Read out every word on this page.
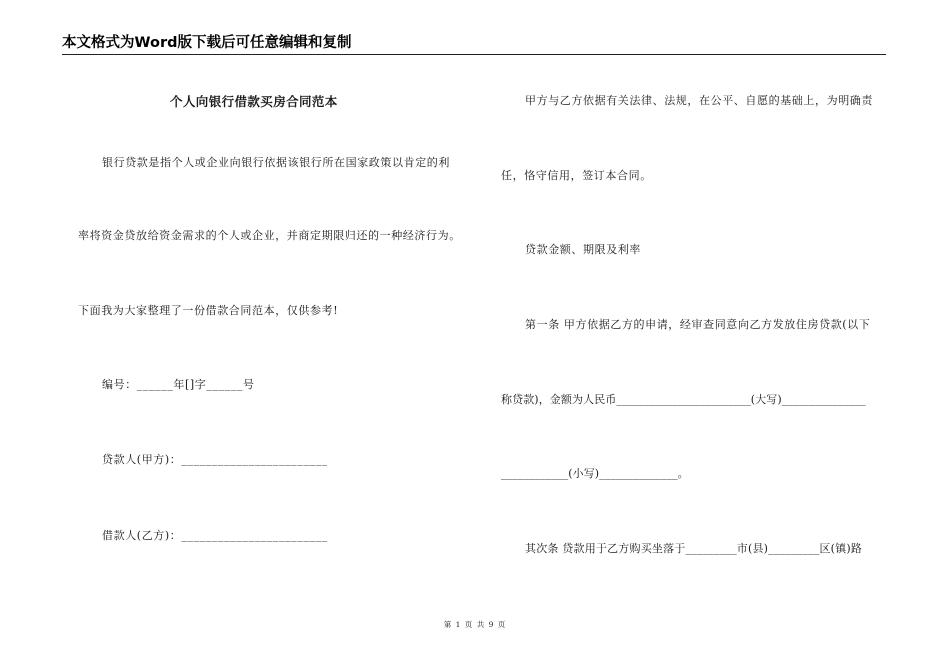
本文格式为Word版下载后可任意编辑和复制
个人向银行借款买房合同范本
银行贷款是指个人或企业向银行依据该银行所在国家政策以肯定的利
率将资金贷放给资金需求的个人或企业，并商定期限归还的一种经济行为。
下面我为大家整理了一份借款合同范本，仅供参考!
编号：______年[]字______号
贷款人(甲方)：________________________
借款人(乙方)：________________________
甲方与乙方依据有关法律、法规，在公平、自愿的基础上，为明确责
任，恪守信用，签订本合同。
贷款金额、期限及利率
第一条 甲方依据乙方的申请，经审查同意向乙方发放住房贷款(以下
称贷款)，金额为人民币________________________(大写)_______________
____________(小写)______________。
其次条 贷款用于乙方购买坐落于_________市(县)_________区(镇)路
第 1 页 共 9 页
